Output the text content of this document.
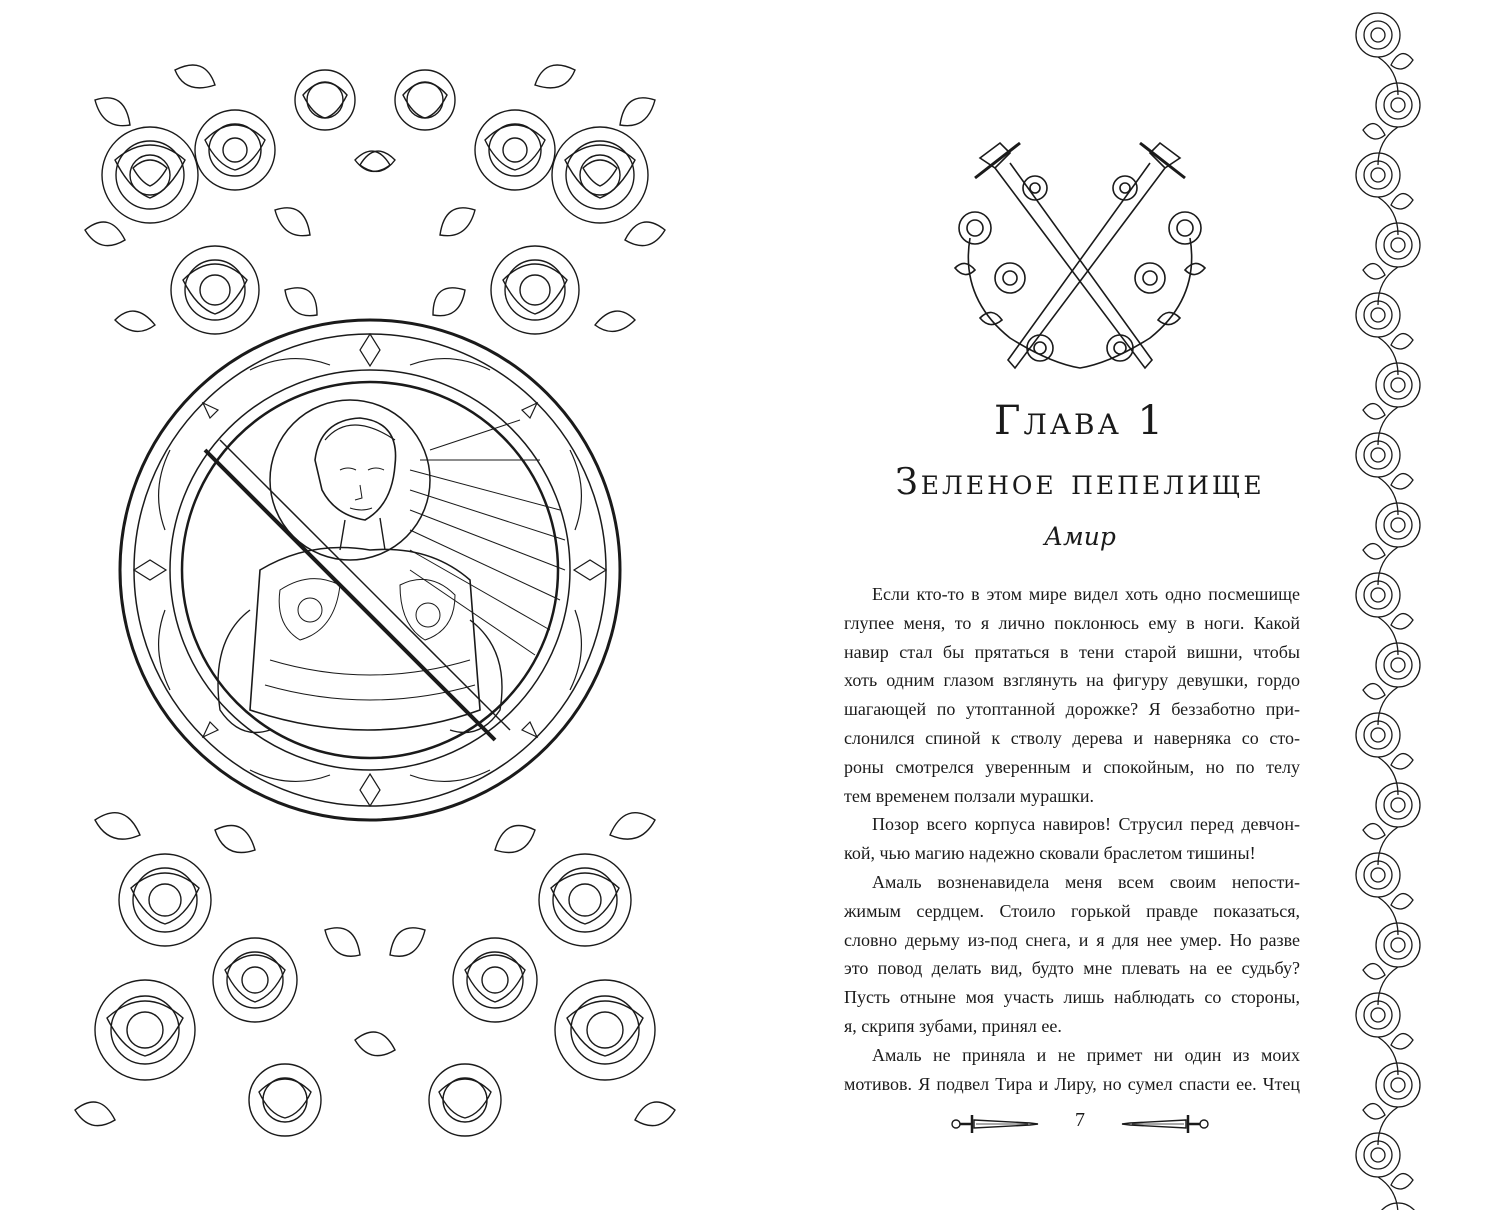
Глава 1
Зеленое пепелище
Амир
Если кто-то в этом мире видел хоть одно посмешище
глупее меня, то я лично поклонюсь ему в ноги. Какой
навир стал бы прятаться в тени старой вишни, чтобы
хоть одним глазом взглянуть на фигуру девушки, гордо
шагающей по утоптанной дорожке? Я беззаботно при-
слонился спиной к стволу дерева и наверняка со сто-
роны смотрелся уверенным и спокойным, но по телу
тем временем ползали мурашки.
Позор всего корпуса навиров! Струсил перед девчон-
кой, чью магию надежно сковали браслетом тишины!
Амаль возненавидела меня всем своим непости-
жимым сердцем. Стоило горькой правде показаться,
словно дерьму из-под снега, и я для нее умер. Но разве
это повод делать вид, будто мне плевать на ее судьбу?
Пусть отныне моя участь лишь наблюдать со стороны,
я, скрипя зубами, принял ее.
Амаль не приняла и не примет ни один из моих
мотивов. Я подвел Тира и Лиру, но сумел спасти ее. Чтец
7
